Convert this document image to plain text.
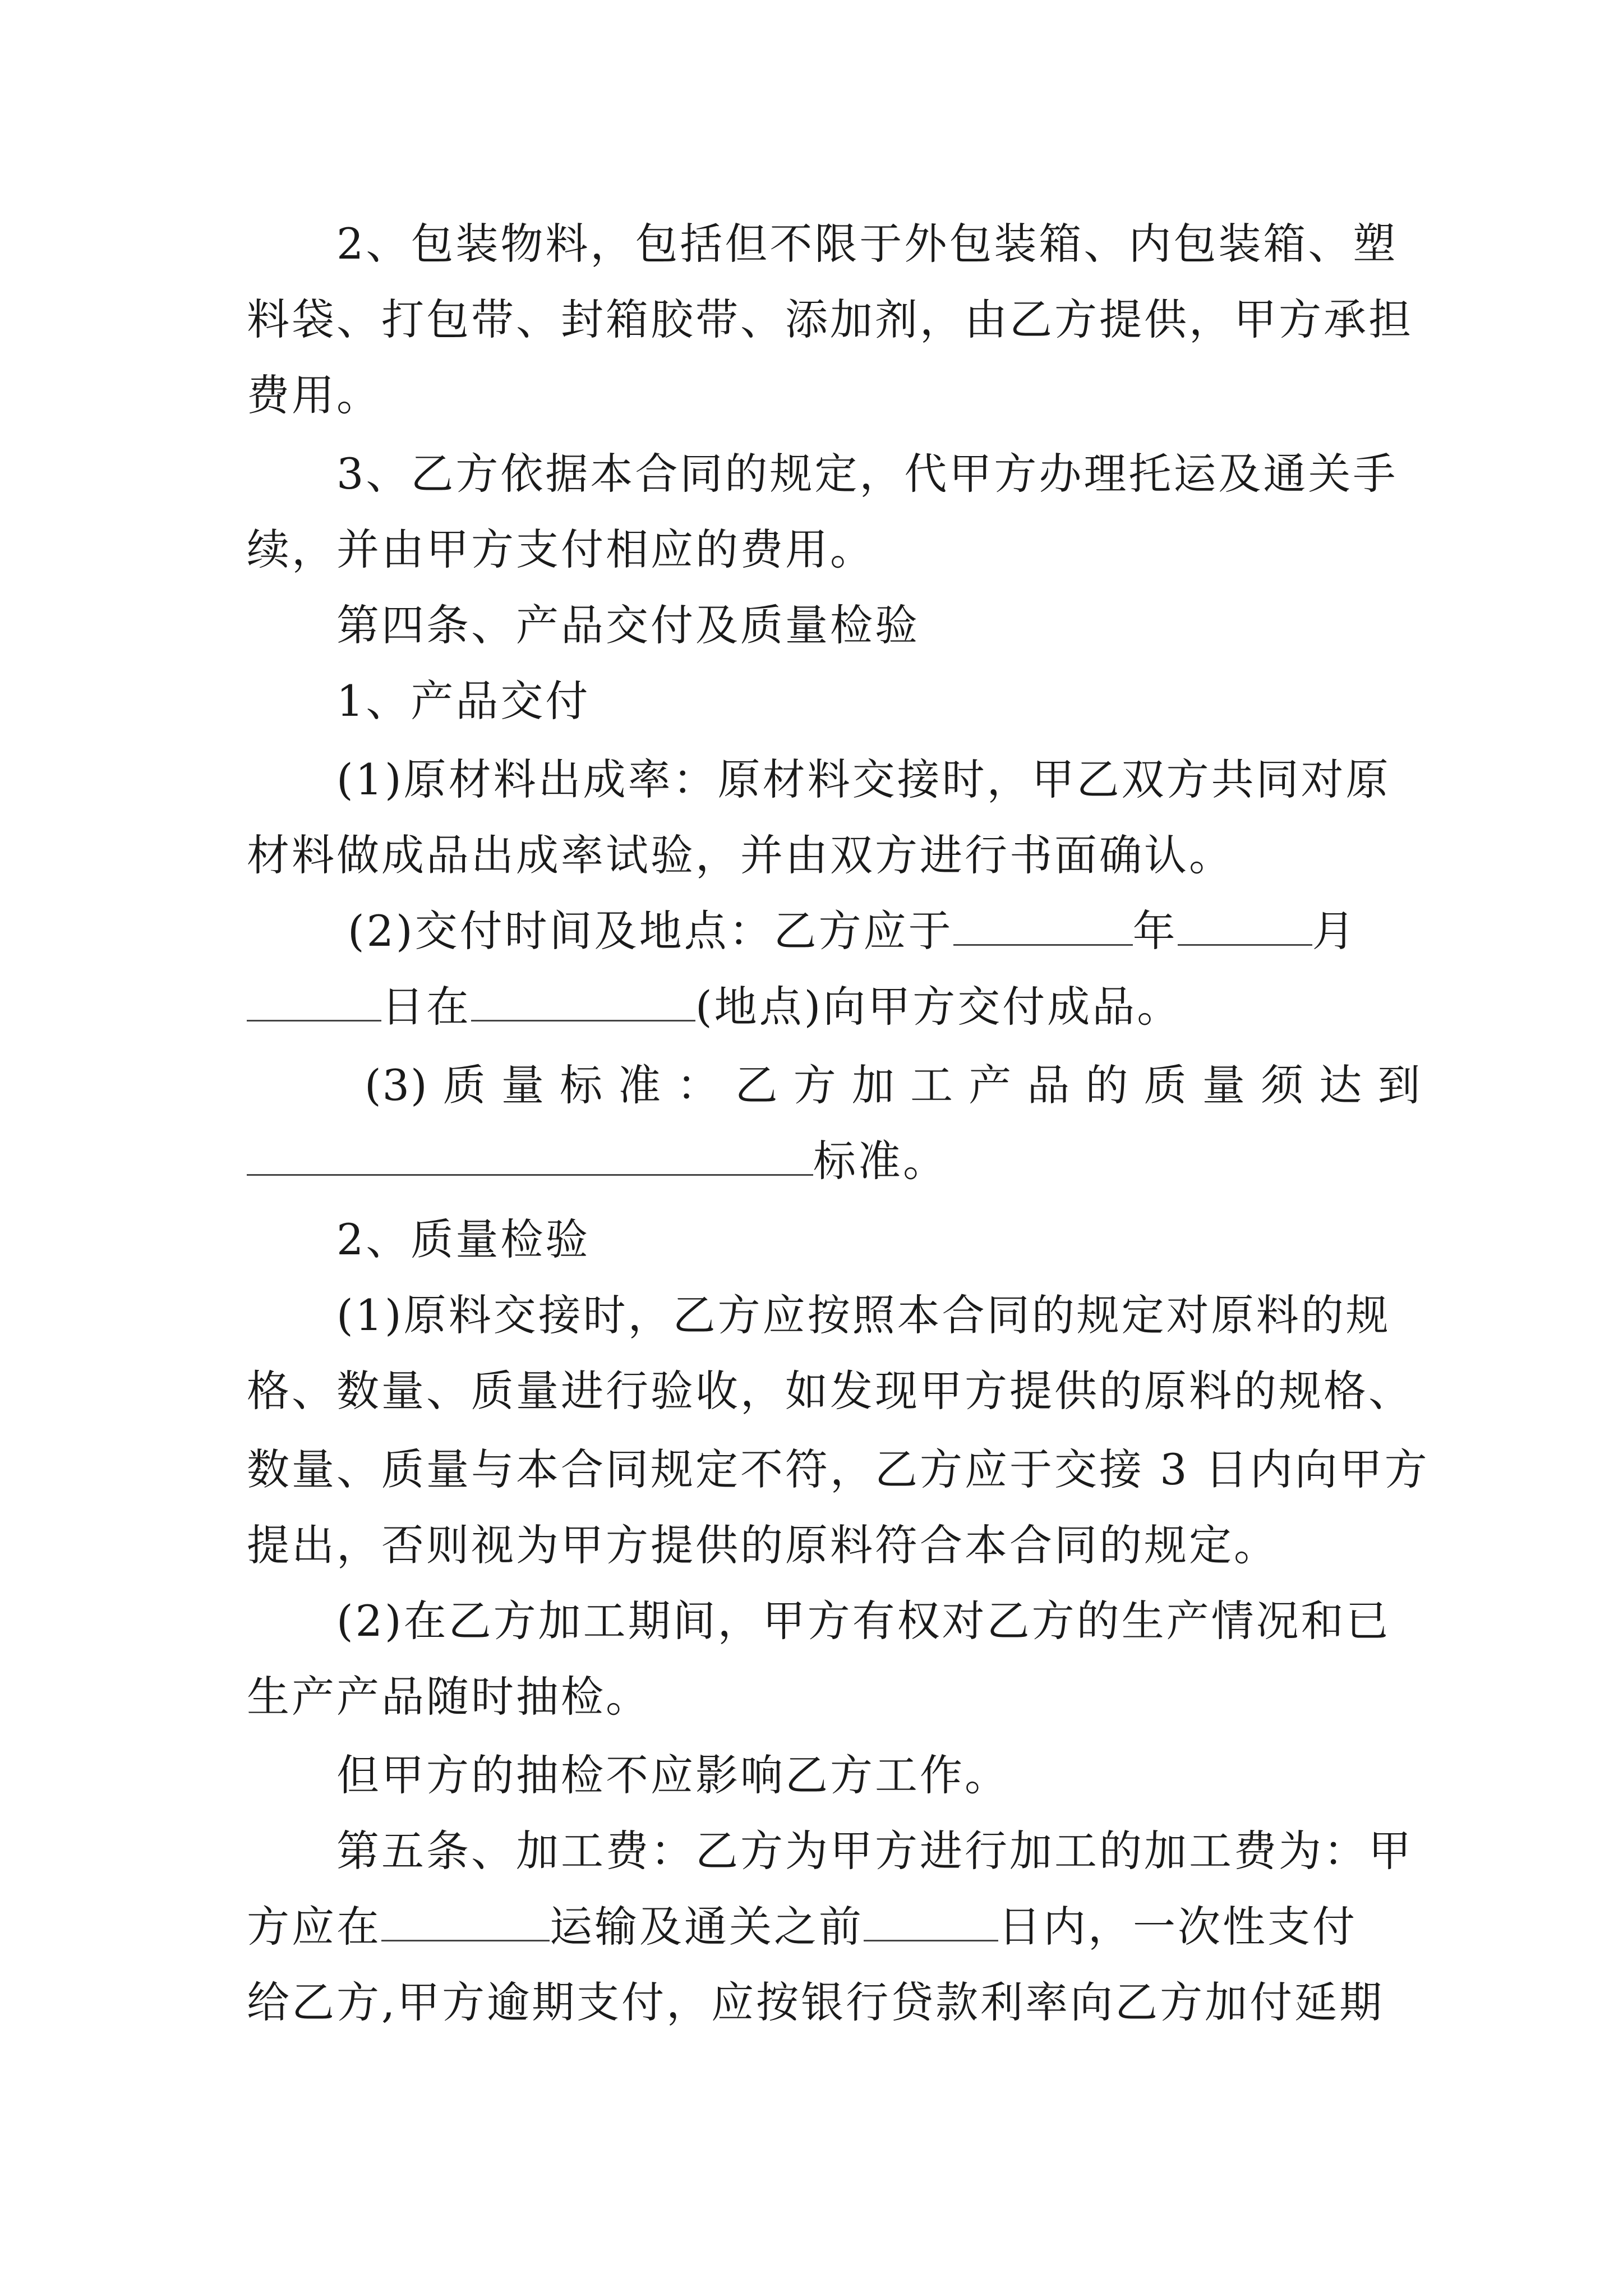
2、包装物料，包括但不限于外包装箱、内包装箱、塑
料袋、打包带、封箱胶带、添加剂，由乙方提供，甲方承担
费用。
3、乙方依据本合同的规定，代甲方办理托运及通关手
续，并由甲方支付相应的费用。
第四条、产品交付及质量检验
1、产品交付
(1)原材料出成率：原材料交接时，甲乙双方共同对原
材料做成品出成率试验，并由双方进行书面确认。
(2)交付时间及地点：乙方应于	年	月
日在	(地点)向甲方交付成品。
(3) 质 量 标 准 ： 乙 方 加 工 产 品 的 质 量 须 达 到
标准。
2、质量检验
(1)原料交接时，乙方应按照本合同的规定对原料的规
格、数量、质量进行验收，如发现甲方提供的原料的规格、
数量、质量与本合同规定不符，乙方应于交接 3 日内向甲方
提出，否则视为甲方提供的原料符合本合同的规定。
(2)在乙方加工期间，甲方有权对乙方的生产情况和已
生产产品随时抽检。
但甲方的抽检不应影响乙方工作。
第五条、加工费：乙方为甲方进行加工的加工费为：甲
方应在	运输及通关之前	日内，一次性支付
给乙方,甲方逾期支付，应按银行贷款利率向乙方加付延期
